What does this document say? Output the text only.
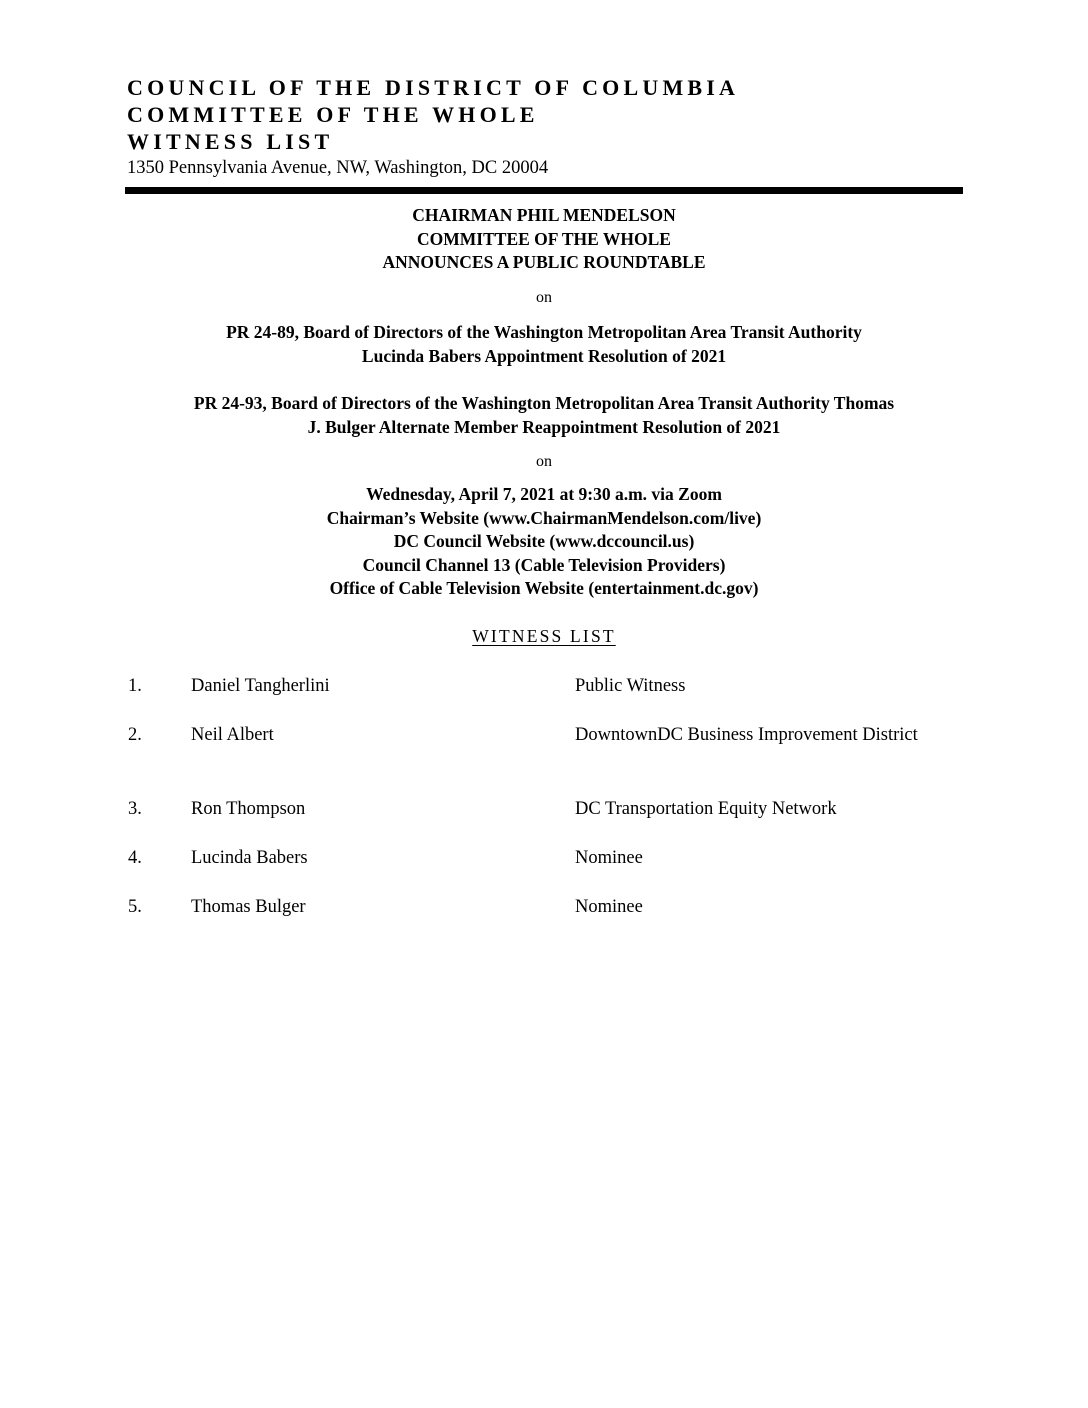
COUNCIL OF THE DISTRICT OF COLUMBIA
COMMITTEE OF THE WHOLE
WITNESS LIST
1350 Pennsylvania Avenue, NW, Washington, DC 20004
CHAIRMAN PHIL MENDELSON
COMMITTEE OF THE WHOLE
ANNOUNCES A PUBLIC ROUNDTABLE
on
PR 24-89, Board of Directors of the Washington Metropolitan Area Transit Authority
Lucinda Babers Appointment Resolution of 2021
PR 24-93, Board of Directors of the Washington Metropolitan Area Transit Authority Thomas
J. Bulger Alternate Member Reappointment Resolution of 2021
on
Wednesday, April 7, 2021 at 9:30 a.m. via Zoom
Chairman’s Website (www.ChairmanMendelson.com/live)
DC Council Website (www.dccouncil.us)
Council Channel 13 (Cable Television Providers)
Office of Cable Television Website (entertainment.dc.gov)
WITNESS LIST
1.	Daniel Tangherlini	Public Witness
2.	Neil Albert	DowntownDC Business Improvement District
3.	Ron Thompson	DC Transportation Equity Network
4.	Lucinda Babers	Nominee
5.	Thomas Bulger	Nominee
